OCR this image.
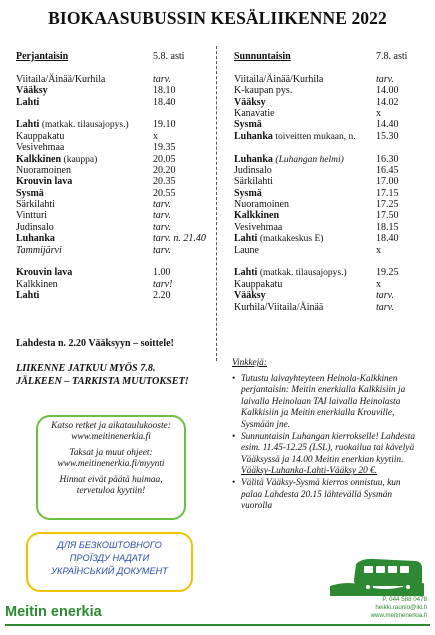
BIOKAASUBUSSIN KESÄLIIKENNE 2022
Perjantaisin	5.8. asti
Viitaila/Äinää/Kurhila	tarv.
Vääksy	18.10
Lahti	18.40
Lahti (matkak. tilausajopys.) 19.10
Kauppakatu	x
Vesivehmaa	19.35
Kalkkinen (kauppa)	20.05
Nuoramoinen	20.20
Krouvin lava	20.35
Sysmä	20.55
Särkilahti	tarv.
Vintturi	tarv.
Judinsalo	tarv.
Luhanka	tarv. n. 21.40
Tammijärvi	tarv.
Krouvin lava	1.00
Kalkkinen	tarv!
Lahti	2.20
Sunnuntaisin	7.8. asti
Viitaila/Äinää/Kurhila	tarv.
K-kaupan pys.	14.00
Vääksy	14.02
Kanavatie	x
Sysmä	14.40
Luhanka toiveitten mukaan, n. 15.30
Luhanka (Luhangan helmi)	16.30
Judinsalo	16.45
Särkilahti	17.00
Sysmä	17.15
Nuoramoinen	17.25
Kalkkinen	17.50
Vesivehmaa	18.15
Lahti (matkakeskus E)	18.40
Laune	x
Lahti (matkak. tilausajopys.)	19.25
Kauppakatu	x
Vääksy	tarv.
Kurhila/Viitaila/Äinää	tarv.
Lahdesta n. 2.20 Vääksyyn – soittele!
LIIKENNE JATKUU MYÖS 7.8.
JÄLKEEN – TARKISTA MUUTOKSET!

Katso retket ja aikataulukooste:
www.meitinenerkia.fi

Taksat ja muut ohjeet:
www.meitinenerkia.fi/myynti

Hinnat eivät päätä huimaa,
tervetuloa kyytiin!

ДЛЯ БЕЗКОШТОВНОГО
ПРОЇЗДУ НАДАТИ
УКРАЇНСЬКИЙ ДОКУМЕНТ
Vinkkejä:
• Tutustu laivayhteyteen Heinola-Kalkkinen perjantaisin: Meitin enerkialla Kalkkisiin ja laivalla Heinolaan TAI laivalla Heinolasta Kalkkisiin ja Meitin enerkialla Krouville, Sysmään jne.
• Sunnuntaisin Luhangan kierrokselle! Lahdesta esim. 11.45-12.25 (LSL), ruokailua tai kävelyä Vääksyssä ja 14.00 Meitin enerkian kyytiin. Vääksy-Luhanka-Lahti-Vääksy 20 €.
• Välitä Vääksy-Sysmä kierros onnistuu, kun palaa Lahdesta 20.15 lähtevällä Sysmän vuorolla
P. 044 588 0478
heikki.raunio@iki.fi
www.meitinenerkia.fi
Meitin enerkia
